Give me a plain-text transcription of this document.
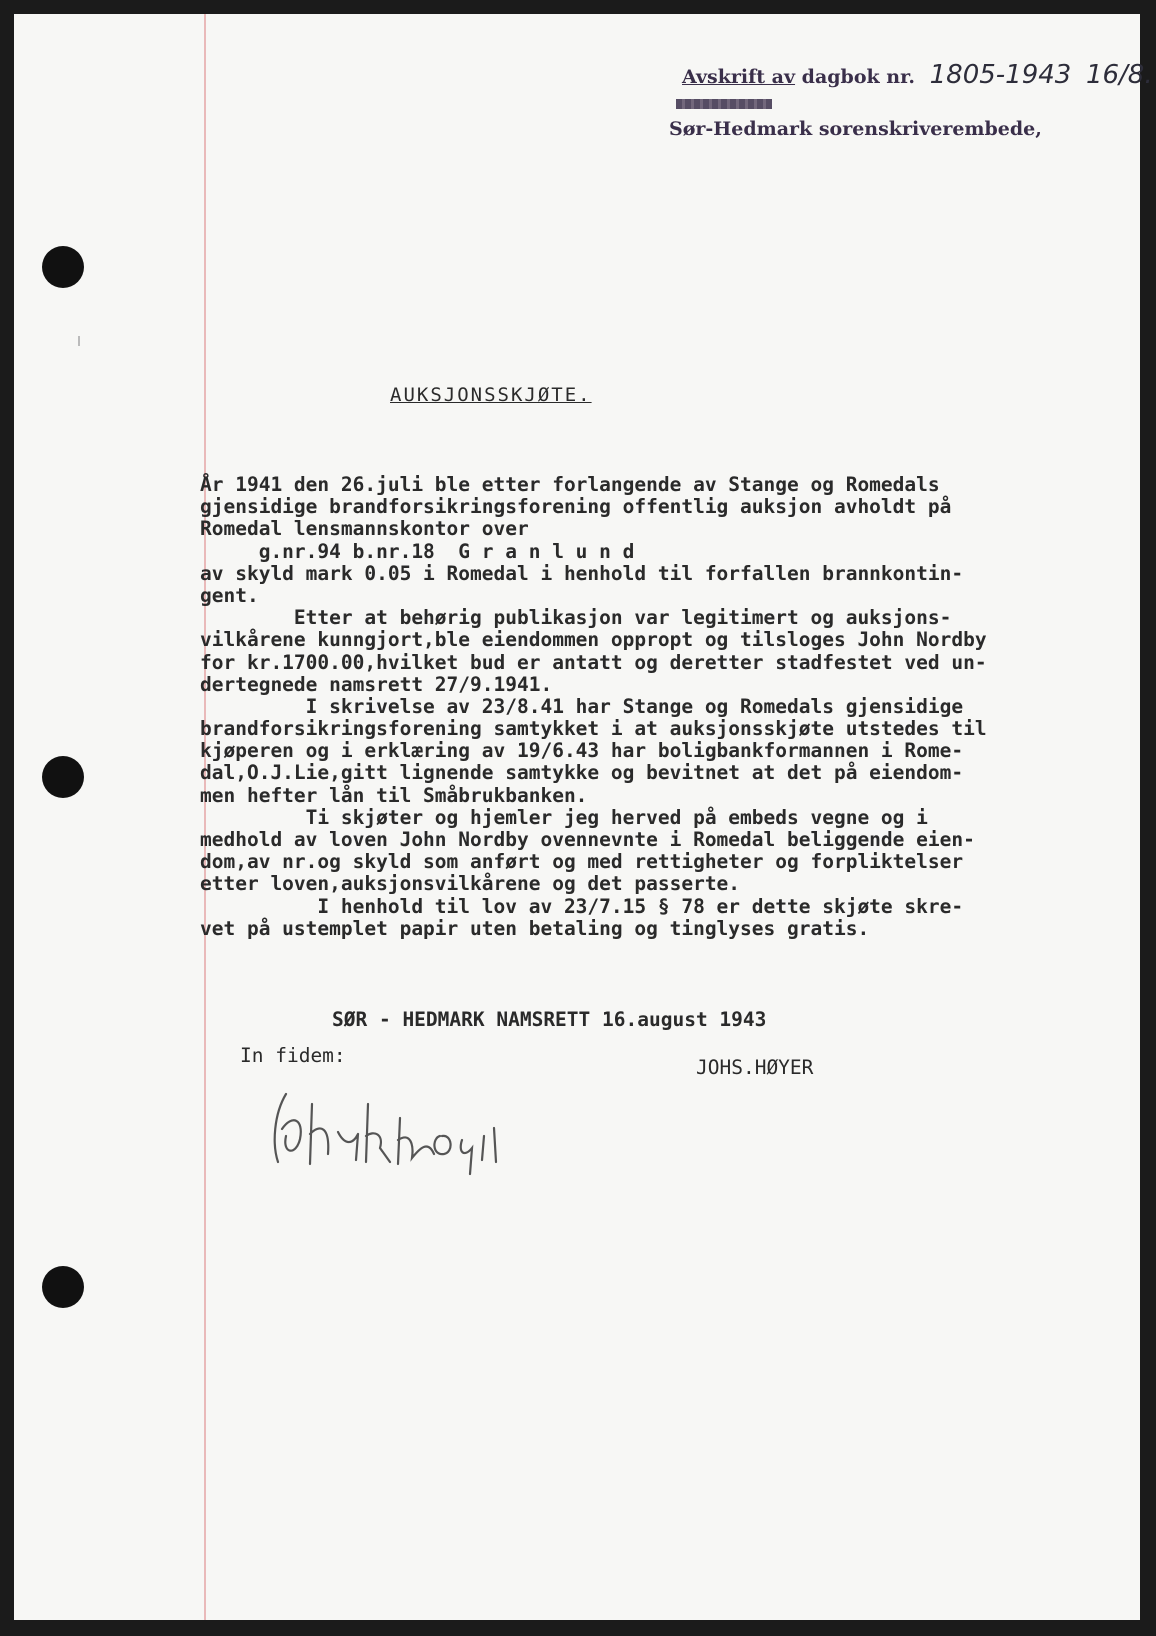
Avskrift av dagbok nr. 1805-1943 16/8.
Sør-Hedmark sorenskriverembede,
AUKSJONSSKJØTE.
År 1941 den 26.juli ble etter forlangende av Stange og Romedals
gjensidige brandforsikringsforening offentlig auksjon avholdt på
Romedal lensmannskontor over
g.nr.94 b.nr.18  G r a n l u n d
av skyld mark 0.05 i Romedal i henhold til forfallen brannkontin-
gent.
Etter at behørig publikasjon var legitimert og auksjons-
vilkårene kunngjort,ble eiendommen oppropt og tilsloges John Nordby
for kr.1700.00,hvilket bud er antatt og deretter stadfestet ved un-
dertegnede namsrett 27/9.1941.
I skrivelse av 23/8.41 har Stange og Romedals gjensidige
brandforsikringsforening samtykket i at auksjonsskjøte utstedes til
kjøperen og i erklæring av 19/6.43 har boligbankformannen i Rome-
dal,O.J.Lie,gitt lignende samtykke og bevitnet at det på eiendom-
men hefter lån til Småbrukbanken.
Ti skjøter og hjemler jeg herved på embeds vegne og i
medhold av loven John Nordby ovennevnte i Romedal beliggende eien-
dom,av nr.og skyld som anført og med rettigheter og forpliktelser
etter loven,auksjonsvilkårene og det passerte.
I henhold til lov av 23/7.15 § 78 er dette skjøte skre-
vet på ustemplet papir uten betaling og tinglyses gratis.
SØR - HEDMARK NAMSRETT 16.august 1943
In fidem:
JOHS.HØYER
